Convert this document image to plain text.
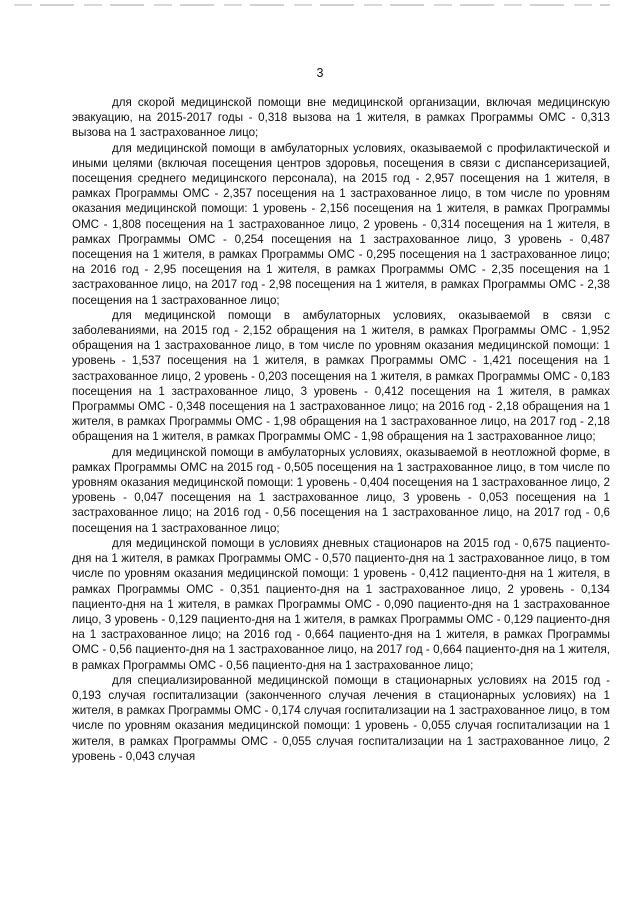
3

для скорой медицинской помощи вне медицинской организации, включая медицинскую эвакуацию, на 2015-2017 годы - 0,318 вызова на 1 жителя, в рамках Программы ОМС - 0,313 вызова на 1 застрахованное лицо;

для медицинской помощи в амбулаторных условиях, оказываемой с профилактической и иными целями (включая посещения центров здоровья, посещения в связи с диспансеризацией, посещения среднего медицинского персонала), на 2015 год - 2,957 посещения на 1 жителя, в рамках Программы ОМС - 2,357 посещения на 1 застрахованное лицо, в том числе по уровням оказания медицинской помощи: 1 уровень - 2,156 посещения на 1 жителя, в рамках Программы ОМС - 1,808 посещения на 1 застрахованное лицо, 2 уровень - 0,314 посещения на 1 жителя, в рамках Программы ОМС - 0,254 посещения на 1 застрахованное лицо, 3 уровень - 0,487 посещения на 1 жителя, в рамках Программы ОМС - 0,295 посещения на 1 застрахованное лицо; на 2016 год - 2,95 посещения на 1 жителя, в рамках Программы ОМС - 2,35 посещения на 1 застрахованное лицо, на 2017 год - 2,98 посещения на 1 жителя, в рамках Программы ОМС - 2,38 посещения на 1 застрахованное лицо;

для медицинской помощи в амбулаторных условиях, оказываемой в связи с заболеваниями, на 2015 год - 2,152 обращения на 1 жителя, в рамках Программы ОМС - 1,952 обращения на 1 застрахованное лицо, в том числе по уровням оказания медицинской помощи: 1 уровень - 1,537 посещения на 1 жителя, в рамках Программы ОМС - 1,421 посещения на 1 застрахованное лицо, 2 уровень - 0,203 посещения на 1 жителя, в рамках Программы ОМС - 0,183 посещения на 1 застрахованное лицо, 3 уровень - 0,412 посещения на 1 жителя, в рамках Программы ОМС - 0,348 посещения на 1 застрахованное лицо; на 2016 год - 2,18 обращения на 1 жителя, в рамках Программы ОМС - 1,98 обращения на 1 застрахованное лицо, на 2017 год - 2,18 обращения на 1 жителя, в рамках Программы ОМС - 1,98 обращения на 1 застрахованное лицо;

для медицинской помощи в амбулаторных условиях, оказываемой в неотложной форме, в рамках Программы ОМС на 2015 год - 0,505 посещения на 1 застрахованное лицо, в том числе по уровням оказания медицинской помощи: 1 уровень - 0,404 посещения на 1 застрахованное лицо, 2 уровень - 0,047 посещения на 1 застрахованное лицо, 3 уровень - 0,053 посещения на 1 застрахованное лицо; на 2016 год - 0,56 посещения на 1 застрахованное лицо, на 2017 год - 0,6 посещения на 1 застрахованное лицо;

для медицинской помощи в условиях дневных стационаров на 2015 год - 0,675 пациенто-дня на 1 жителя, в рамках Программы ОМС - 0,570 пациенто-дня на 1 застрахованное лицо, в том числе по уровням оказания медицинской помощи: 1 уровень - 0,412 пациенто-дня на 1 жителя, в рамках Программы ОМС - 0,351 пациенто-дня на 1 застрахованное лицо, 2 уровень - 0,134 пациенто-дня на 1 жителя, в рамках Программы ОМС - 0,090 пациенто-дня на 1 застрахованное лицо, 3 уровень - 0,129 пациенто-дня на 1 жителя, в рамках Программы ОМС - 0,129 пациенто-дня на 1 застрахованное лицо; на 2016 год - 0,664 пациенто-дня на 1 жителя, в рамках Программы ОМС - 0,56 пациенто-дня на 1 застрахованное лицо, на 2017 год - 0,664 пациенто-дня на 1 жителя, в рамках Программы ОМС - 0,56 пациенто-дня на 1 застрахованное лицо;

для специализированной медицинской помощи в стационарных условиях на 2015 год - 0,193 случая госпитализации (законченного случая лечения в стационарных условиях) на 1 жителя, в рамках Программы ОМС - 0,174 случая госпитализации на 1 застрахованное лицо, в том числе по уровням оказания медицинской помощи: 1 уровень - 0,055 случая госпитализации на 1 жителя, в рамках Программы ОМС - 0,055 случая госпитализации на 1 застрахованное лицо, 2 уровень - 0,043 случая
